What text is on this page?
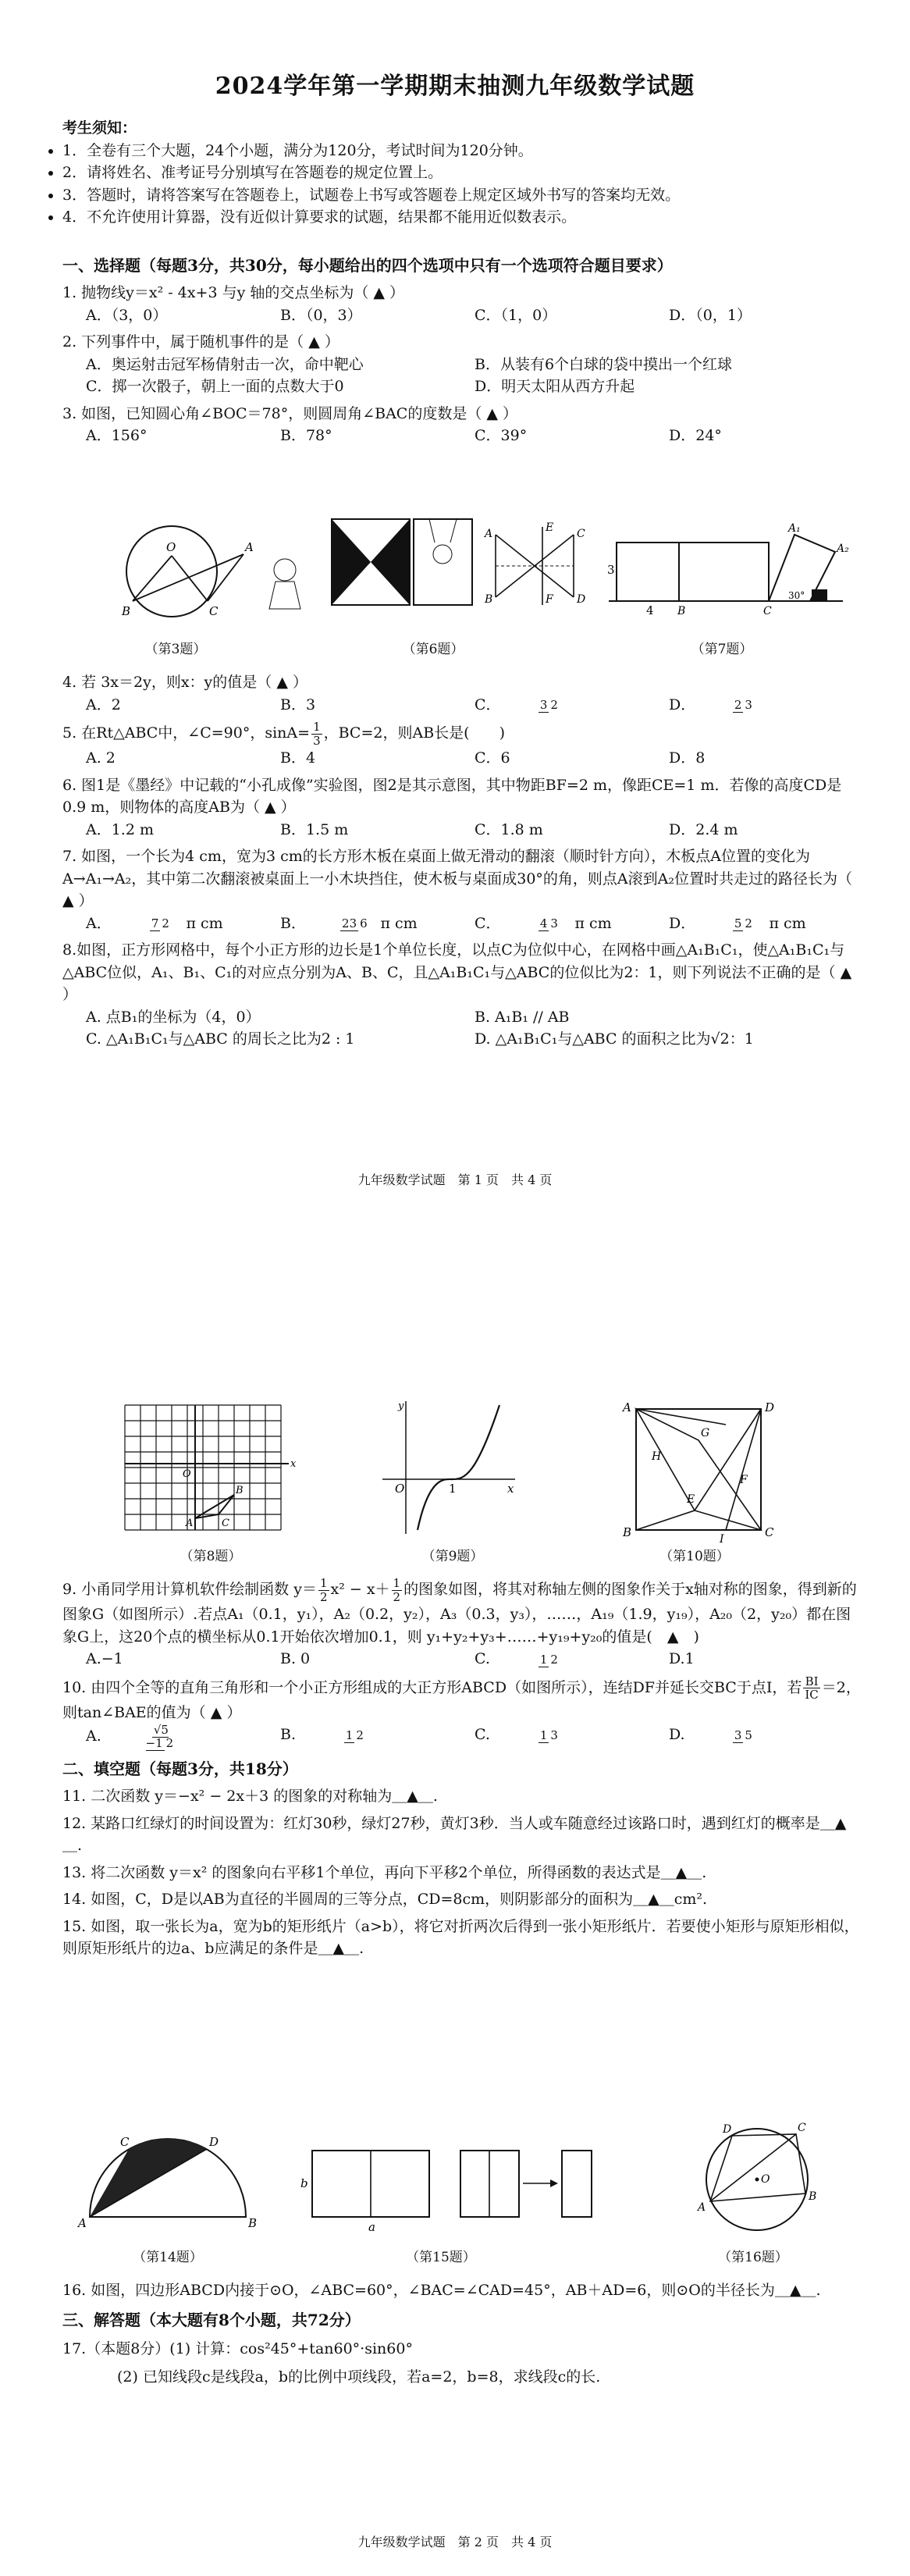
2024学年第一学期期末抽测九年级数学试题
考生须知：
• 1．全卷有三个大题，24个小题，满分为120分，考试时间为120分钟。
• 2．请将姓名、准考证号分别填写在答题卷的规定位置上。
• 3．答题时，请将答案写在答题卷上，试题卷上书写或答题卷上规定区域外书写的答案均无效。
• 4．不允许使用计算器，没有近似计算要求的试题，结果都不能用近似数表示。
一、选择题（每题3分，共30分，每小题给出的四个选项中只有一个选项符合题目要求）

1. 抛物线y＝x² - 4x+3 与y 轴的交点坐标为（ ▲ ）

A．（3，0）	B．（0，3）	C．（1，0）	D．（0，1）

2. 下列事件中，属于随机事件的是（ ▲ ）

A．奥运射击冠军杨倩射击一次，命中靶心	B．从装有6个白球的袋中摸出一个红球
C．掷一次骰子，朝上一面的点数大于0	D．明天太阳从西方升起

3. 如图，已知圆心角∠BOC＝78°，则圆周角∠BAC的度数是（ ▲ ）

A．156°	B．78°	C．39°	D．24°
O
B	C
A
A
B
E
F
C
D
3
4 B	C
A₁
A₂
30°
（第3题）	（第6题）	（第7题）

4. 若 3x＝2y，则x：y的值是（ ▲ ）

A．2	B．3	C．	3 2	D．	2 3

5. 在Rt△ABC中，∠C=90°，$\sin A= \frac{1}{3}$ ，BC=2，则AB长是(　　)

A. 2	B．4	C．6	D．8

6. 图1是《墨经》中记载的“小孔成像”实验图，图2是其示意图，其中物距BF=2 m，像距CE=1 m．若像的高度CD是0.9 m，则物体的高度AB为（ ▲ ）

A．1.2 m	B．1.5 m	C．1.8 m	D．2.4 m

7. 如图，一个长为4 cm，宽为3 cm的长方形木板在桌面上做无滑动的翻滚（顺时针方向），木板点A位置的变化为A→A₁→A₂，其中第二次翻滚被桌面上一小木块挡住，使木板与桌面成30°的角，则点A滚到A₂位置时共走过的路径长为（ ▲ ）

A．	7 2 π cm	B．	23 6 π cm	C．	4 3 π cm	D．	5 2 π cm

8.如图，正方形网格中，每个小正方形的边长是1个单位长度，以点C为位似中心，在网格中画△A₁B₁C₁，使△A₁B₁C₁与△ABC位似，A₁、B₁、C₁的对应点分别为A、B、C，且△A₁B₁C₁与△ABC的位似比为2：1，则下列说法不正确的是（ ▲ ）

A. 点B₁的坐标为（4，0）	B. A₁B₁ // AB
C. △A₁B₁C₁与△ABC 的周长之比为2 : 1	D. △A₁B₁C₁与△ABC 的面积之比为√2：1
九年级数学试题　第 1 页　共 4 页
O
B
A	C
x
O	1	x
y	A	D
B	C
G
H
F
E
I
（第8题）	（第9题）	（第10题）

9. 小甬同学用计算机软件绘制函数 $y= \frac{1}{2} x^2 - x+ \frac{1}{2}$ 的图象如图，将其对称轴左侧的图象作关于x轴对称的图象，得到新的图象G（如图所示）.若点A₁（0.1，y₁），A₂（0.2，y₂），A₃（0.3，y₃），……，A₁₉（1.9，y₁₉），A₂₀（2，y₂₀）都在图象G上，这20个点的横坐标从0.1开始依次增加0.1，则 y₁+y₂+y₃+……+y₁₉+y₂₀的值是(　▲　)

A.−1	B. 0	C.	1 2	D.1

10. 由四个全等的直角三角形和一个小正方形组成的大正方形ABCD（如图所示），连结DF并延长交BC于点I，若 $\frac{BI}{IC} =2$，则tan∠BAE的值为（ ▲ ）

A.	√5 −1 2	B.	1 2	C.	1 3	D.	3 5
二、填空题（每题3分，共18分）

11. 二次函数 y＝−x² − 2x＋3 的图象的对称轴为＿▲＿.

12. 某路口红绿灯的时间设置为：红灯30秒，绿灯27秒，黄灯3秒．当人或车随意经过该路口时，遇到红灯的概率是＿▲＿.

13. 将二次函数 y＝x² 的图象向右平移1个单位，再向下平移2个单位，所得函数的表达式是＿▲＿.

14. 如图，C，D是以AB为直径的半圆周的三等分点，CD=8cm，则阴影部分的面积为＿▲＿cm².

15. 如图，取一张长为a，宽为b的矩形纸片（a>b），将它对折两次后得到一张小矩形纸片．若要使小矩形与原矩形相似，则原矩形纸片的边a、b应满足的条件是＿▲＿.

A	B
C	D
b
a
O
A
B
C
D
（第14题）	（第15题）	（第16题）

16. 如图，四边形ABCD内接于⊙O，∠ABC=60°，∠BAC=∠CAD=45°，AB＋AD=6，则⊙O的半径长为＿▲＿.

三、解答题（本大题有8个小题，共72分）

17.（本题8分）(1) 计算：cos²45°+tan60°·sin60°

(2) 已知线段c是线段a，b的比例中项线段，若a=2，b=8，求线段c的长.

九年级数学试题　第 2 页　共 4 页
